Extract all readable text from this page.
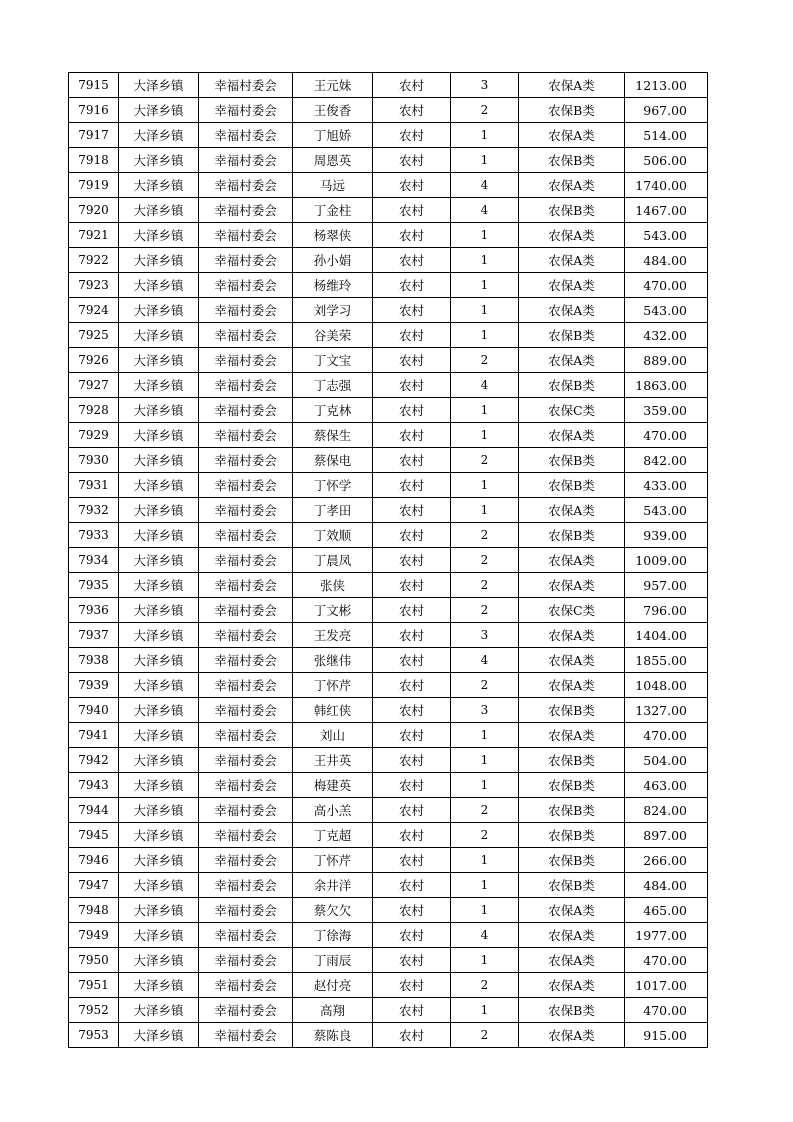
7915	大泽乡镇	幸福村委会	王元妹	农村	3	农保A类	1213.00
7916	大泽乡镇	幸福村委会	王俊香	农村	2	农保B类	967.00
7917	大泽乡镇	幸福村委会	丁旭娇	农村	1	农保A类	514.00
7918	大泽乡镇	幸福村委会	周恩英	农村	1	农保B类	506.00
7919	大泽乡镇	幸福村委会	马远	农村	4	农保A类	1740.00
7920	大泽乡镇	幸福村委会	丁金柱	农村	4	农保B类	1467.00
7921	大泽乡镇	幸福村委会	杨翠侠	农村	1	农保A类	543.00
7922	大泽乡镇	幸福村委会	孙小娟	农村	1	农保A类	484.00
7923	大泽乡镇	幸福村委会	杨维玲	农村	1	农保A类	470.00
7924	大泽乡镇	幸福村委会	刘学习	农村	1	农保A类	543.00
7925	大泽乡镇	幸福村委会	谷美荣	农村	1	农保B类	432.00
7926	大泽乡镇	幸福村委会	丁文宝	农村	2	农保A类	889.00
7927	大泽乡镇	幸福村委会	丁志强	农村	4	农保B类	1863.00
7928	大泽乡镇	幸福村委会	丁克林	农村	1	农保C类	359.00
7929	大泽乡镇	幸福村委会	蔡保生	农村	1	农保A类	470.00
7930	大泽乡镇	幸福村委会	蔡保电	农村	2	农保B类	842.00
7931	大泽乡镇	幸福村委会	丁怀学	农村	1	农保B类	433.00
7932	大泽乡镇	幸福村委会	丁孝田	农村	1	农保A类	543.00
7933	大泽乡镇	幸福村委会	丁效顺	农村	2	农保B类	939.00
7934	大泽乡镇	幸福村委会	丁晨凤	农村	2	农保A类	1009.00
7935	大泽乡镇	幸福村委会	张侠	农村	2	农保A类	957.00
7936	大泽乡镇	幸福村委会	丁文彬	农村	2	农保C类	796.00
7937	大泽乡镇	幸福村委会	王发亮	农村	3	农保A类	1404.00
7938	大泽乡镇	幸福村委会	张继伟	农村	4	农保A类	1855.00
7939	大泽乡镇	幸福村委会	丁怀芹	农村	2	农保A类	1048.00
7940	大泽乡镇	幸福村委会	韩红侠	农村	3	农保B类	1327.00
7941	大泽乡镇	幸福村委会	刘山	农村	1	农保A类	470.00
7942	大泽乡镇	幸福村委会	王井英	农村	1	农保B类	504.00
7943	大泽乡镇	幸福村委会	梅建英	农村	1	农保B类	463.00
7944	大泽乡镇	幸福村委会	高小羔	农村	2	农保B类	824.00
7945	大泽乡镇	幸福村委会	丁克超	农村	2	农保B类	897.00
7946	大泽乡镇	幸福村委会	丁怀芹	农村	1	农保B类	266.00
7947	大泽乡镇	幸福村委会	余井洋	农村	1	农保B类	484.00
7948	大泽乡镇	幸福村委会	蔡欠欠	农村	1	农保A类	465.00
7949	大泽乡镇	幸福村委会	丁徐海	农村	4	农保A类	1977.00
7950	大泽乡镇	幸福村委会	丁雨辰	农村	1	农保A类	470.00
7951	大泽乡镇	幸福村委会	赵付亮	农村	2	农保A类	1017.00
7952	大泽乡镇	幸福村委会	高翔	农村	1	农保B类	470.00
7953	大泽乡镇	幸福村委会	蔡陈良	农村	2	农保A类	915.00
